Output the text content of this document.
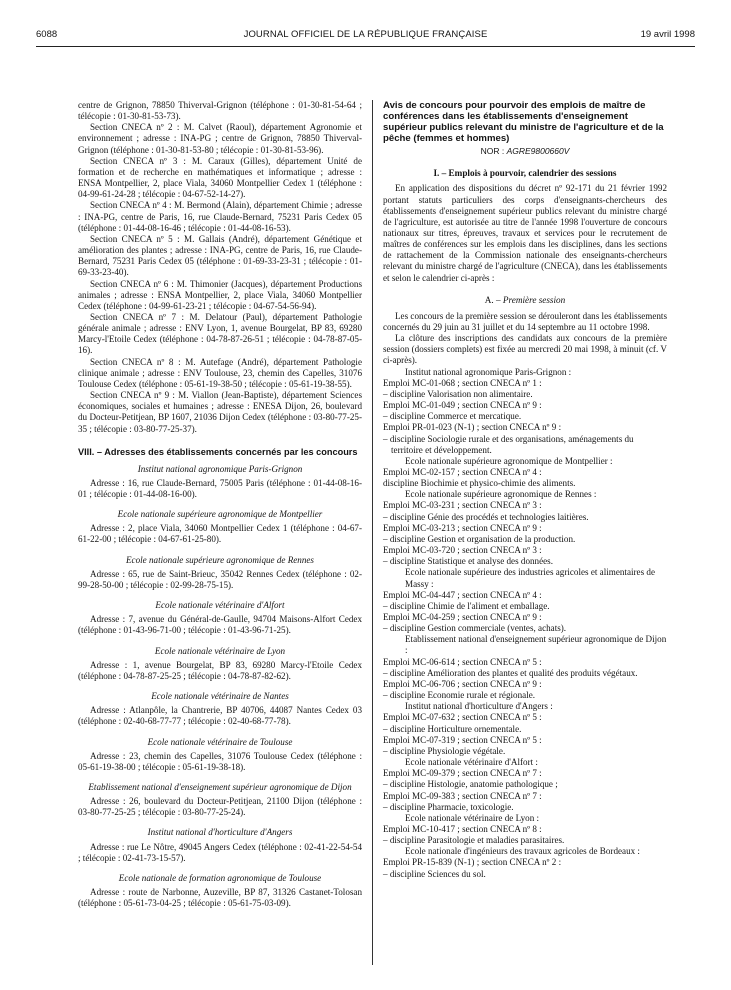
6088	JOURNAL OFFICIEL DE LA RÉPUBLIQUE FRANÇAISE	19 avril 1998

centre de Grignon, 78850 Thiverval-Grignon (téléphone : 01-30-81-54-64 ; télécopie : 01-30-81-53-73).

Section CNECA nº 2 : M. Calvet (Raoul), département Agronomie et environnement ; adresse : INA-PG ; centre de Grignon, 78850 Thiverval-Grignon (téléphone : 01-30-81-53-80 ; télécopie : 01-30-81-53-96).

Section CNECA nº 3 : M. Caraux (Gilles), département Unité de formation et de recherche en mathématiques et informatique ; adresse : ENSA Montpellier, 2, place Viala, 34060 Montpellier Cedex 1 (téléphone : 04-99-61-24-28 ; télécopie : 04-67-52-14-27).

Section CNECA nº 4 : M. Bermond (Alain), département Chimie ; adresse : INA-PG, centre de Paris, 16, rue Claude-Bernard, 75231 Paris Cedex 05 (téléphone : 01-44-08-16-46 ; télécopie : 01-44-08-16-53).

Section CNECA nº 5 : M. Gallais (André), département Génétique et amélioration des plantes ; adresse : INA-PG, centre de Paris, 16, rue Claude-Bernard, 75231 Paris Cedex 05 (téléphone : 01-69-33-23-31 ; télécopie : 01-69-33-23-40).

Section CNECA nº 6 : M. Thimonier (Jacques), département Productions animales ; adresse : ENSA Montpellier, 2, place Viala, 34060 Montpellier Cedex (téléphone : 04-99-61-23-21 ; télécopie : 04-67-54-56-94).

Section CNECA nº 7 : M. Delatour (Paul), département Pathologie générale animale ; adresse : ENV Lyon, 1, avenue Bourgelat, BP 83, 69280 Marcy-l'Etoile Cedex (téléphone : 04-78-87-26-51 ; télécopie : 04-78-87-05-16).

Section CNECA nº 8 : M. Autefage (André), département Pathologie clinique animale ; adresse : ENV Toulouse, 23, chemin des Capelles, 31076 Toulouse Cedex (téléphone : 05-61-19-38-50 ; télécopie : 05-61-19-38-55).

Section CNECA nº 9 : M. Viallon (Jean-Baptiste), département Sciences économiques, sociales et humaines ; adresse : ENESA Dijon, 26, boulevard du Docteur-Petitjean, BP 1607, 21036 Dijon Cedex (téléphone : 03-80-77-25-35 ; télécopie : 03-80-77-25-37).

VIII. – Adresses des établissements concernés par les concours

Institut national agronomique Paris-Grignon

Adresse : 16, rue Claude-Bernard, 75005 Paris (téléphone : 01-44-08-16-01 ; télécopie : 01-44-08-16-00).

Ecole nationale supérieure agronomique de Montpellier

Adresse : 2, place Viala, 34060 Montpellier Cedex 1 (téléphone : 04-67-61-22-00 ; télécopie : 04-67-61-25-80).

Ecole nationale supérieure agronomique de Rennes

Adresse : 65, rue de Saint-Brieuc, 35042 Rennes Cedex (téléphone : 02-99-28-50-00 ; télécopie : 02-99-28-75-15).

Ecole nationale vétérinaire d'Alfort

Adresse : 7, avenue du Général-de-Gaulle, 94704 Maisons-Alfort Cedex (téléphone : 01-43-96-71-00 ; télécopie : 01-43-96-71-25).

Ecole nationale vétérinaire de Lyon

Adresse : 1, avenue Bourgelat, BP 83, 69280 Marcy-l'Etoile Cedex (téléphone : 04-78-87-25-25 ; télécopie : 04-78-87-82-62).

Ecole nationale vétérinaire de Nantes

Adresse : Atlanpôle, la Chantrerie, BP 40706, 44087 Nantes Cedex 03 (téléphone : 02-40-68-77-77 ; télécopie : 02-40-68-77-78).

Ecole nationale vétérinaire de Toulouse

Adresse : 23, chemin des Capelles, 31076 Toulouse Cedex (téléphone : 05-61-19-38-00 ; télécopie : 05-61-19-38-18).

Etablissement national d'enseignement supérieur agronomique de Dijon

Adresse : 26, boulevard du Docteur-Petitjean, 21100 Dijon (téléphone : 03-80-77-25-25 ; télécopie : 03-80-77-25-24).

Institut national d'horticulture d'Angers

Adresse : rue Le Nôtre, 49045 Angers Cedex (téléphone : 02-41-22-54-54 ; télécopie : 02-41-73-15-57).

Ecole nationale de formation agronomique de Toulouse

Adresse : route de Narbonne, Auzeville, BP 87, 31326 Castanet-Tolosan (téléphone : 05-61-73-04-25 ; télécopie : 05-61-75-03-09).

Avis de concours pour pourvoir des emplois de maître de conférences dans les établissements d'enseignement supérieur publics relevant du ministre de l'agriculture et de la pêche (femmes et hommes)

NOR : AGRE9800660V

I. – Emplois à pourvoir, calendrier des sessions

En application des dispositions du décret nº 92-171 du 21 février 1992 portant statuts particuliers des corps d'enseignants-chercheurs des établissements d'enseignement supérieur publics relevant du ministre chargé de l'agriculture, est autorisée au titre de l'année 1998 l'ouverture de concours nationaux sur titres, épreuves, travaux et services pour le recrutement de maîtres de conférences sur les emplois dans les disciplines, dans les sections de rattachement de la Commission nationale des enseignants-chercheurs relevant du ministre chargé de l'agriculture (CNECA), dans les établissements et selon le calendrier ci-après :

A. – Première session

Les concours de la première session se dérouleront dans les établissements concernés du 29 juin au 31 juillet et du 14 septembre au 11 octobre 1998.

La clôture des inscriptions des candidats aux concours de la première session (dossiers complets) est fixée au mercredi 20 mai 1998, à minuit (cf. V ci-après).

Institut national agronomique Paris-Grignon :

Emploi MC-01-068 ; section CNECA nº 1 :

– discipline Valorisation non alimentaire.

Emploi MC-01-049 ; section CNECA nº 9 :

– discipline Commerce et mercatique.

Emploi PR-01-023 (N-1) ; section CNECA nº 9 :

– discipline Sociologie rurale et des organisations, aménagements du territoire et développement.

Ecole nationale supérieure agronomique de Montpellier :

Emploi MC-02-157 ; section CNECA nº 4 :

discipline Biochimie et physico-chimie des aliments.

Ecole nationale supérieure agronomique de Rennes :

Emploi MC-03-231 ; section CNECA nº 3 :

– discipline Génie des procédés et technologies laitières.

Emploi MC-03-213 ; section CNECA nº 9 :

– discipline Gestion et organisation de la production.

Emploi MC-03-720 ; section CNECA nº 3 :

– discipline Statistique et analyse des données.

Ecole nationale supérieure des industries agricoles et alimentaires de Massy :

Emploi MC-04-447 ; section CNECA nº 4 :

– discipline Chimie de l'aliment et emballage.

Emploi MC-04-259 ; section CNECA nº 9 :

– discipline Gestion commerciale (ventes, achats).

Etablissement national d'enseignement supérieur agronomique de Dijon :

Emploi MC-06-614 ; section CNECA nº 5 :

– discipline Amélioration des plantes et qualité des produits végétaux.

Emploi MC-06-706 ; section CNECA nº 9 :

– discipline Economie rurale et régionale.

Institut national d'horticulture d'Angers :

Emploi MC-07-632 ; section CNECA nº 5 :

– discipline Horticulture ornementale.

Emploi MC-07-319 ; section CNECA nº 5 :

– discipline Physiologie végétale.

Ecole nationale vétérinaire d'Alfort :

Emploi MC-09-379 ; section CNECA nº 7 :

– discipline Histologie, anatomie pathologique ;

Emploi MC-09-383 ; section CNECA nº 7 :

– discipline Pharmacie, toxicologie.

Ecole nationale vétérinaire de Lyon :

Emploi MC-10-417 ; section CNECA nº 8 :

– discipline Parasitologie et maladies parasitaires.

Ecole nationale d'ingénieurs des travaux agricoles de Bordeaux :

Emploi PR-15-839 (N-1) ; section CNECA nº 2 :

– discipline Sciences du sol.
